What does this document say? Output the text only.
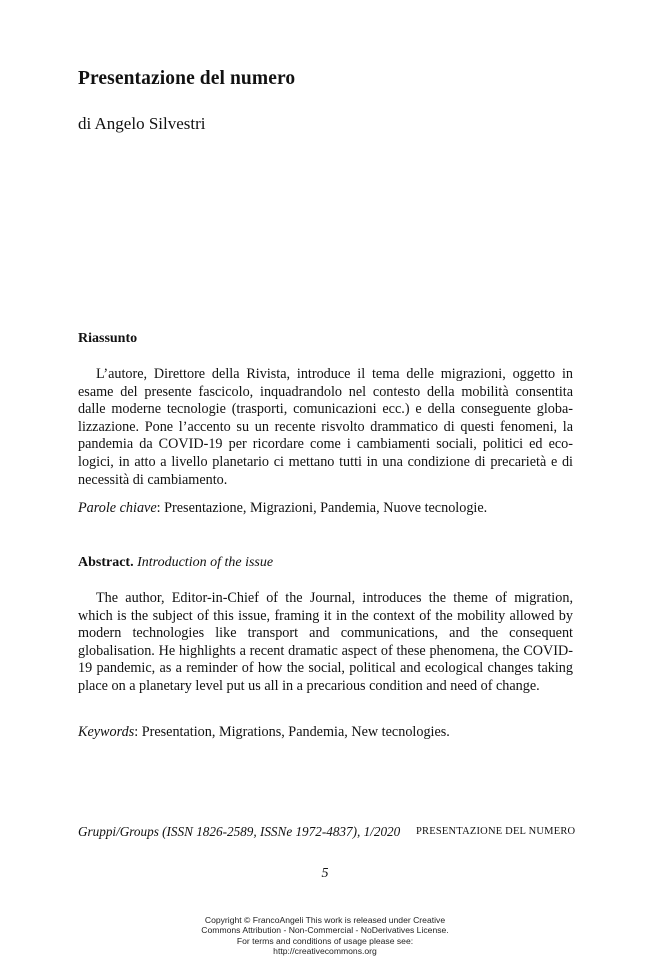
Presentazione del numero
di Angelo Silvestri
Riassunto
L’autore, Direttore della Rivista, introduce il tema delle migrazioni, oggetto in esame del presente fascicolo, inquadrandolo nel contesto della mobilità consentita dalle moderne tecnologie (trasporti, comunicazioni ecc.) e della conseguente globa-lizzazione. Pone l’accento su un recente risvolto drammatico di questi fenomeni, la pandemia da COVID-19 per ricordare come i cambiamenti sociali, politici ed eco-logici, in atto a livello planetario ci mettano tutti in una condizione di precarietà e di necessità di cambiamento.
Parole chiave: Presentazione, Migrazioni, Pandemia, Nuove tecnologie.
Abstract. Introduction of the issue
The author, Editor-in-Chief of the Journal, introduces the theme of migration, which is the subject of this issue, framing it in the context of the mobility allowed by modern technologies like transport and communications, and the consequent globalisation. He highlights a recent dramatic aspect of these phenomena, the COVID-19 pandemic, as a reminder of how the social, political and ecological changes taking place on a planetary level put us all in a precarious condition and need of change.
Keywords: Presentation, Migrations, Pandemia, New tecnologies.
Gruppi/Groups (ISSN 1826-2589, ISSNe 1972-4837), 1/2020 PRESENTAZIONE DEL NUMERO
5
Copyright © FrancoAngeli This work is released under Creative
Commons Attribution - Non-Commercial - NoDerivatives License.
For terms and conditions of usage please see:
http://creativecommons.org
